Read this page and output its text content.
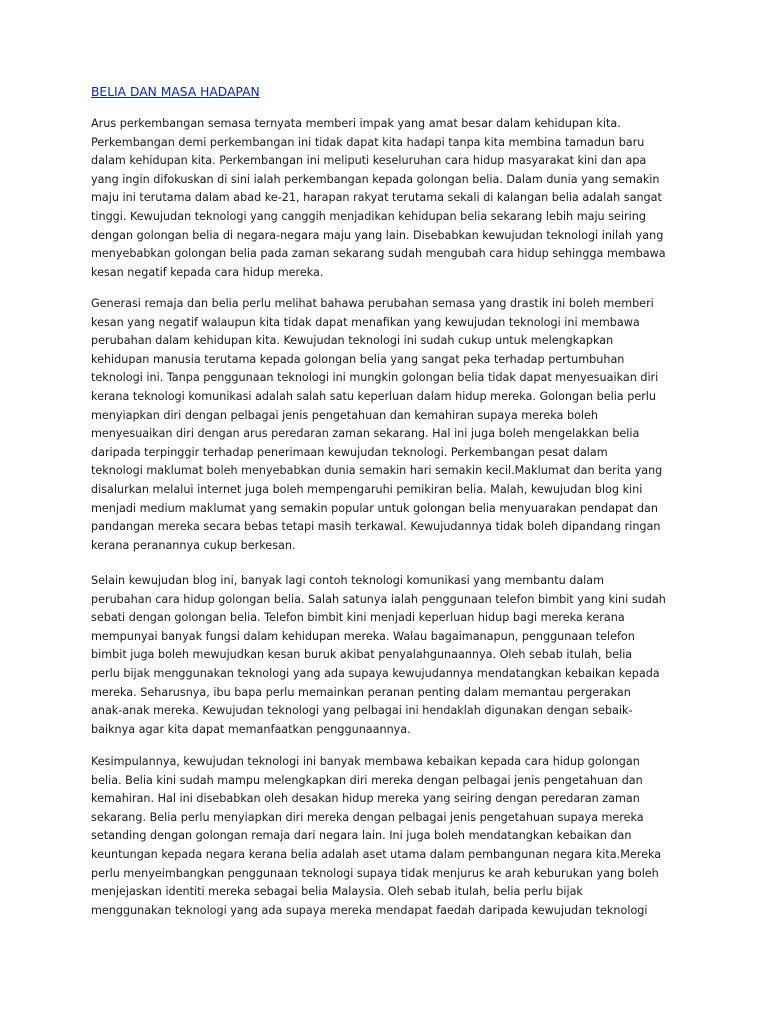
BELIA DAN MASA HADAPAN
Arus perkembangan semasa ternyata memberi impak yang amat besar dalam kehidupan kita.
Perkembangan demi perkembangan ini tidak dapat kita hadapi tanpa kita membina tamadun baru
dalam kehidupan kita. Perkembangan ini meliputi keseluruhan cara hidup masyarakat kini dan apa
yang ingin difokuskan di sini ialah perkembangan kepada golongan belia. Dalam dunia yang semakin
maju ini terutama dalam abad ke-21, harapan rakyat terutama sekali di kalangan belia adalah sangat
tinggi. Kewujudan teknologi yang canggih menjadikan kehidupan belia sekarang lebih maju seiring
dengan golongan belia di negara-negara maju yang lain. Disebabkan kewujudan teknologi inilah yang
menyebabkan golongan belia pada zaman sekarang sudah mengubah cara hidup sehingga membawa
kesan negatif kepada cara hidup mereka.
Generasi remaja dan belia perlu melihat bahawa perubahan semasa yang drastik ini boleh memberi
kesan yang negatif walaupun kita tidak dapat menafikan yang kewujudan teknologi ini membawa
perubahan dalam kehidupan kita. Kewujudan teknologi ini sudah cukup untuk melengkapkan
kehidupan manusia terutama kepada golongan belia yang sangat peka terhadap pertumbuhan
teknologi ini. Tanpa penggunaan teknologi ini mungkin golongan belia tidak dapat menyesuaikan diri
kerana teknologi komunikasi adalah salah satu keperluan dalam hidup mereka. Golongan belia perlu
menyiapkan diri dengan pelbagai jenis pengetahuan dan kemahiran supaya mereka boleh
menyesuaikan diri dengan arus peredaran zaman sekarang. Hal ini juga boleh mengelakkan belia
daripada terpinggir terhadap penerimaan kewujudan teknologi. Perkembangan pesat dalam
teknologi maklumat boleh menyebabkan dunia semakin hari semakin kecil.Maklumat dan berita yang
disalurkan melalui internet juga boleh mempengaruhi pemikiran belia. Malah, kewujudan blog kini
menjadi medium maklumat yang semakin popular untuk golongan belia menyuarakan pendapat dan
pandangan mereka secara bebas tetapi masih terkawal. Kewujudannya tidak boleh dipandang ringan
kerana peranannya cukup berkesan.
Selain kewujudan blog ini, banyak lagi contoh teknologi komunikasi yang membantu dalam
perubahan cara hidup golongan belia. Salah satunya ialah penggunaan telefon bimbit yang kini sudah
sebati dengan golongan belia. Telefon bimbit kini menjadi keperluan hidup bagi mereka kerana
mempunyai banyak fungsi dalam kehidupan mereka. Walau bagaimanapun, penggunaan telefon
bimbit juga boleh mewujudkan kesan buruk akibat penyalahgunaannya. Oleh sebab itulah, belia
perlu bijak menggunakan teknologi yang ada supaya kewujudannya mendatangkan kebaikan kepada
mereka. Seharusnya, ibu bapa perlu memainkan peranan penting dalam memantau pergerakan
anak-anak mereka. Kewujudan teknologi yang pelbagai ini hendaklah digunakan dengan sebaik-
baiknya agar kita dapat memanfaatkan penggunaannya.
Kesimpulannya, kewujudan teknologi ini banyak membawa kebaikan kepada cara hidup golongan
belia. Belia kini sudah mampu melengkapkan diri mereka dengan pelbagai jenis pengetahuan dan
kemahiran. Hal ini disebabkan oleh desakan hidup mereka yang seiring dengan peredaran zaman
sekarang. Belia perlu menyiapkan diri mereka dengan pelbagai jenis pengetahuan supaya mereka
setanding dengan golongan remaja dari negara lain. Ini juga boleh mendatangkan kebaikan dan
keuntungan kepada negara kerana belia adalah aset utama dalam pembangunan negara kita.Mereka
perlu menyeimbangkan penggunaan teknologi supaya tidak menjurus ke arah keburukan yang boleh
menjejaskan identiti mereka sebagai belia Malaysia. Oleh sebab itulah, belia perlu bijak
menggunakan teknologi yang ada supaya mereka mendapat faedah daripada kewujudan teknologi
